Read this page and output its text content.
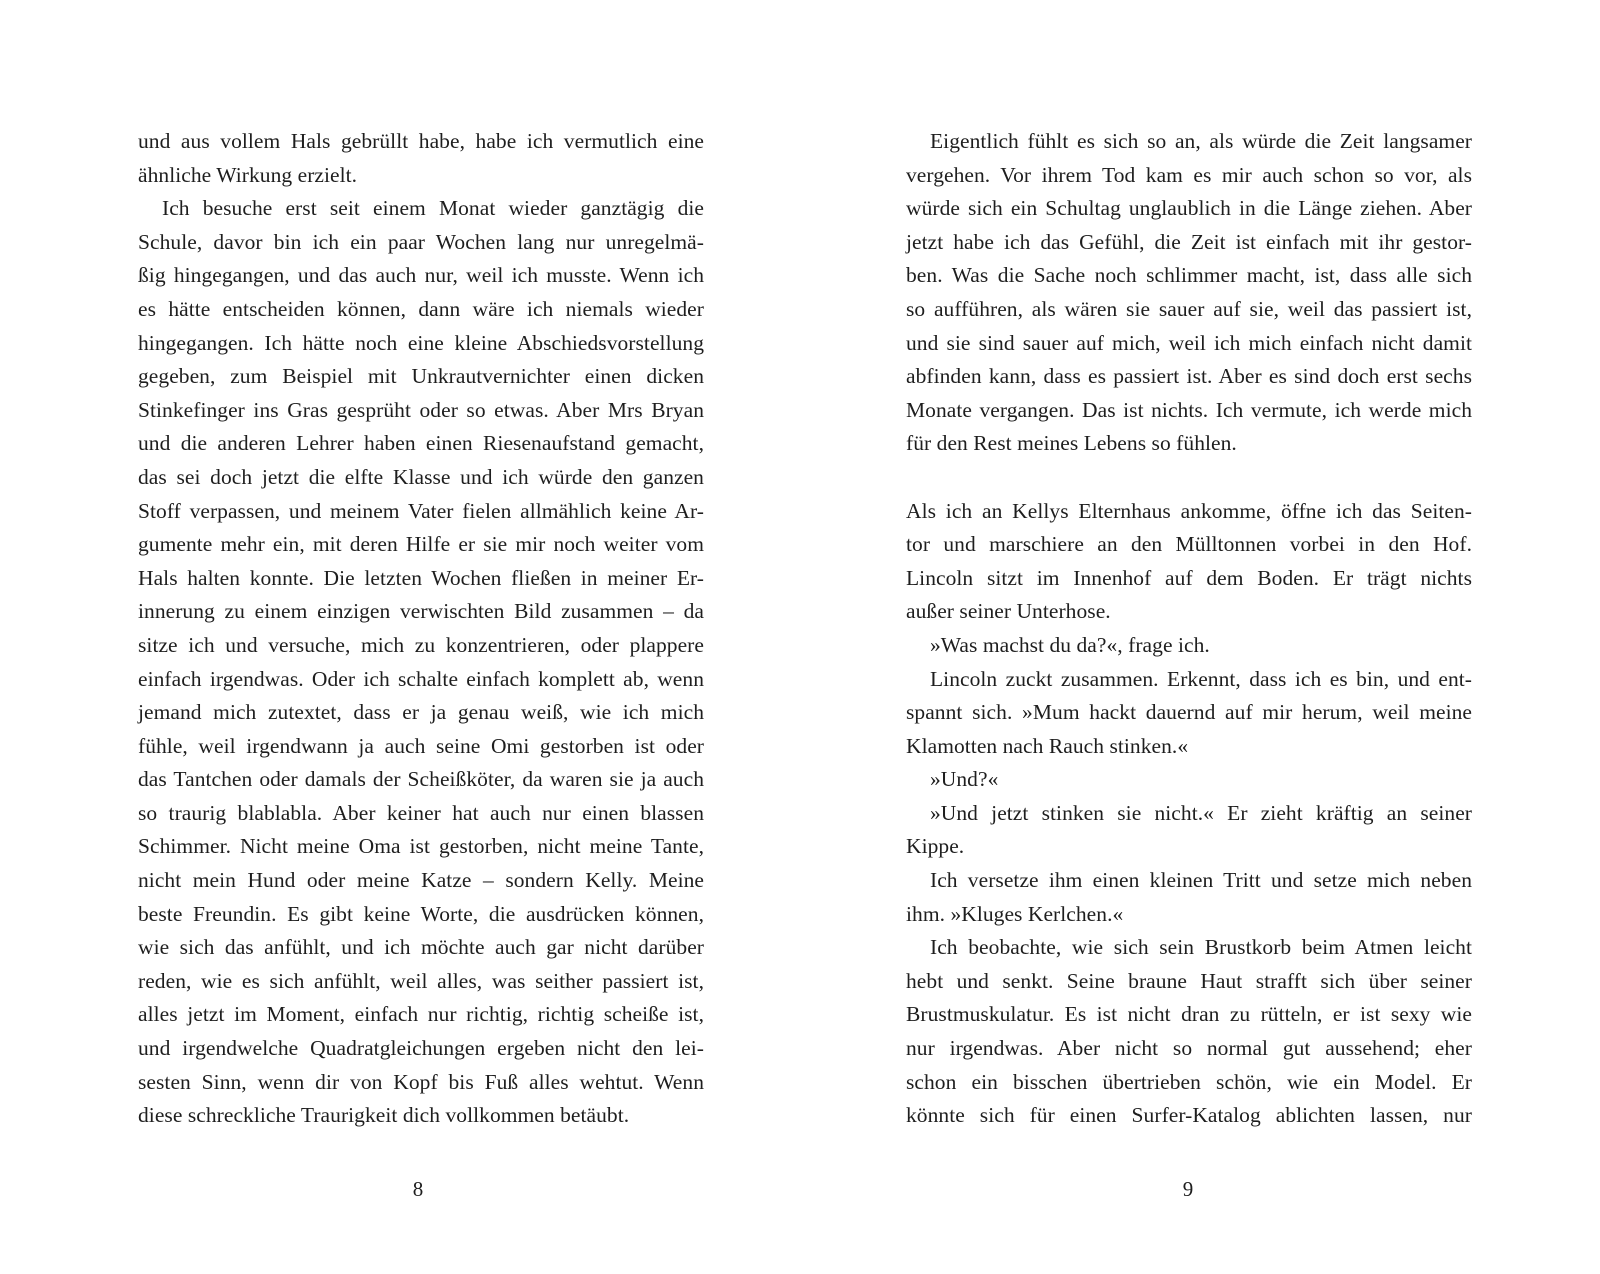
und aus vollem Hals gebrüllt habe, habe ich vermutlich eine
ähnliche Wirkung erzielt.
Ich besuche erst seit einem Monat wieder ganztägig die
Schule, davor bin ich ein paar Wochen lang nur unregelmä-
ßig hingegangen, und das auch nur, weil ich musste. Wenn ich
es hätte entscheiden können, dann wäre ich niemals wieder
hingegangen. Ich hätte noch eine kleine Abschiedsvorstellung
gegeben, zum Beispiel mit Unkrautvernichter einen dicken
Stinkefinger ins Gras gesprüht oder so etwas. Aber Mrs Bryan
und die anderen Lehrer haben einen Riesenaufstand gemacht,
das sei doch jetzt die elfte Klasse und ich würde den ganzen
Stoff verpassen, und meinem Vater fielen allmählich keine Ar-
gumente mehr ein, mit deren Hilfe er sie mir noch weiter vom
Hals halten konnte. Die letzten Wochen fließen in meiner Er-
innerung zu einem einzigen verwischten Bild zusammen – da
sitze ich und versuche, mich zu konzentrieren, oder plappere
einfach irgendwas. Oder ich schalte einfach komplett ab, wenn
jemand mich zutextet, dass er ja genau weiß, wie ich mich
fühle, weil irgendwann ja auch seine Omi gestorben ist oder
das Tantchen oder damals der Scheißköter, da waren sie ja auch
so traurig blablabla. Aber keiner hat auch nur einen blassen
Schimmer. Nicht meine Oma ist gestorben, nicht meine Tante,
nicht mein Hund oder meine Katze – sondern Kelly. Meine
beste Freundin. Es gibt keine Worte, die ausdrücken können,
wie sich das anfühlt, und ich möchte auch gar nicht darüber
reden, wie es sich anfühlt, weil alles, was seither passiert ist,
alles jetzt im Moment, einfach nur richtig, richtig scheiße ist,
und irgendwelche Quadratgleichungen ergeben nicht den lei-
sesten Sinn, wenn dir von Kopf bis Fuß alles wehtut. Wenn
diese schreckliche Traurigkeit dich vollkommen betäubt.
Eigentlich fühlt es sich so an, als würde die Zeit langsamer
vergehen. Vor ihrem Tod kam es mir auch schon so vor, als
würde sich ein Schultag unglaublich in die Länge ziehen. Aber
jetzt habe ich das Gefühl, die Zeit ist einfach mit ihr gestor-
ben. Was die Sache noch schlimmer macht, ist, dass alle sich
so aufführen, als wären sie sauer auf sie, weil das passiert ist,
und sie sind sauer auf mich, weil ich mich einfach nicht damit
abfinden kann, dass es passiert ist. Aber es sind doch erst sechs
Monate vergangen. Das ist nichts. Ich vermute, ich werde mich
für den Rest meines Lebens so fühlen.
Als ich an Kellys Elternhaus ankomme, öffne ich das Seiten-
tor und marschiere an den Mülltonnen vorbei in den Hof.
Lincoln sitzt im Innenhof auf dem Boden. Er trägt nichts
außer seiner Unterhose.
»Was machst du da?«, frage ich.
Lincoln zuckt zusammen. Erkennt, dass ich es bin, und ent-
spannt sich. »Mum hackt dauernd auf mir herum, weil meine
Klamotten nach Rauch stinken.«
»Und?«
»Und jetzt stinken sie nicht.« Er zieht kräftig an seiner
Kippe.
Ich versetze ihm einen kleinen Tritt und setze mich neben
ihm. »Kluges Kerlchen.«
Ich beobachte, wie sich sein Brustkorb beim Atmen leicht
hebt und senkt. Seine braune Haut strafft sich über seiner
Brustmuskulatur. Es ist nicht dran zu rütteln, er ist sexy wie
nur irgendwas. Aber nicht so normal gut aussehend; eher
schon ein bisschen übertrieben schön, wie ein Model. Er
könnte sich für einen Surfer-Katalog ablichten lassen, nur
8	9
